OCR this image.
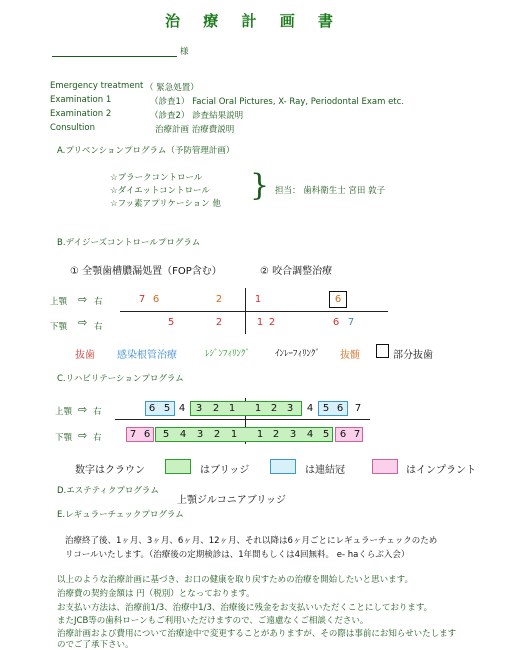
治 療 計 画 書
様
Emergency treatment （ 緊急処置）
Examination 1	（診査1） Facial Oral Pictures, X- Ray, Periodontal Exam etc.
Examination 2	（診査2） 診査結果説明
Consultion	治療計画 治療費説明
A.プリベンションプログラム（予防管理計画）
☆プラークコントロール
☆ダイエットコントロール
☆フッ素アプリケーション 他
} 担当： 歯科衛生士 宮田 敦子
B.デイジーズコントロールプログラム
① 全顎歯槽膿漏処置（FOP含む）	② 咬合調整治療
上顎 ⇨ 右
下顎 ⇨ 右
7 6	2	1	6
5	2	1 2	6 7
抜歯 感染根管治療	ﾚｼﾞﾝﾌｨﾘﾝｸﾞ	ｲﾝﾚｰﾌｨﾘﾝｸﾞ 抜髄	部分抜歯
C.リハビリテーションプログラム
上顎 ⇨ 右
下顎 ⇨ 右
6 5 4 3 2 1 1 2 3 4 5 6 7
7 6 5 4 3 2 1 1 2 3 4 5 6 7
数字はクラウン	はブリッジ	は連結冠	はインプラント
D.エステティクプログラム
上顎ジルコニアブリッジ
E.レギュラーチェックプログラム
治療終了後、1ヶ月、3ヶ月、6ヶ月、12ヶ月、それ以降は6ヶ月ごとにレギュラーチェックのため
リコールいたします。（治療後の定期検診は、1年間もしくは4回無料。 e- haくらぶ入会）
以上のような治療計画に基づき、お口の健康を取り戻すための治療を開始したいと思います。
治療費の契約金額は 円（税別）となっております。
お支払い方法は、治療前1/3、治療中1/3、治療後に残金をお支払いいただくことにしております。
またJCB等の歯科ローンもご利用いただけますので、ご遠慮なくご相談ください。
治療計画および費用について治療途中で変更することがありますが、その際は事前にお知らせいたします
のでご了承下さい。
